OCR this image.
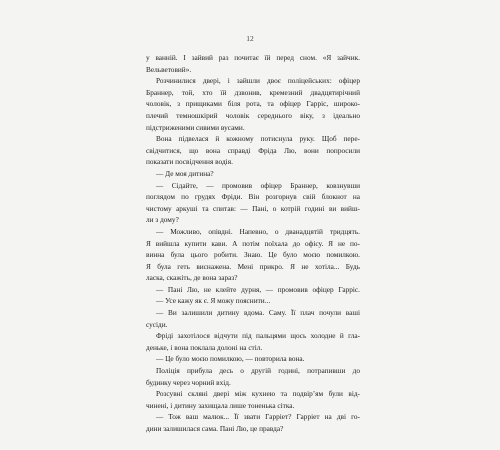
12
у ванній. І зайвий раз почитає їй перед сном. «Я зайчик.
Вельветовий».
Розчинилися двері, і зайшли двоє поліцейських: офіцер
Браннер, той, хто їй дзвонив, кремезний двадцятирічний
чоловік, з прищиками біля рота, та офіцер Гарріс, широко-
плечий темношкірий чоловік середнього віку, з ідеально
підстриженими сивими вусами.
Вона підвелася й кожному потиснула руку. Щоб пере-
свідчитися, що вона справді Фріда Лю, вони попросили
показати посвідчення водія.
— Де моя дитина?
— Сідайте, — промовив офіцер Браннер, ковзнувши
поглядом по грудях Фріди. Він розгорнув свій блокнот на
чистому аркуші та спитав: — Пані, о котрій годині ви вийш-
ли з дому?
— Можливо, опівдні. Напевно, о дванадцятій тридцять.
Я вийшла купити кави. А потім поїхала до офісу. Я не по-
винна була цього робити. Знаю. Це було моєю помилкою.
Я була геть виснажена. Мені прикро. Я не хотіла... Будь
ласка, скажіть, де вона зараз?
— Пані Лю, не клейте дурня, — промовив офіцер Гарріс.
— Усе кажу як є. Я можу пояснити...
— Ви залишили дитину вдома. Саму. Її плач почули ваші
сусіди.
Фріді захотілося відчути під пальцями щось холодне й гла-
деньке, і вона поклала долоні на стіл.
— Це було моєю помилкою, — повторила вона.
Поліція прибула десь о другій годині, потрапивши до
будинку через чорний вхід.
Розсувні скляні двері між кухнею та подвір’ям були від-
чинені, і дитину захищала лише тоненька сітка.
— Тож ваш малюк... Її звати Гарріет? Гарріет на дві го-
дини залишилася сама. Пані Лю, це правда?
